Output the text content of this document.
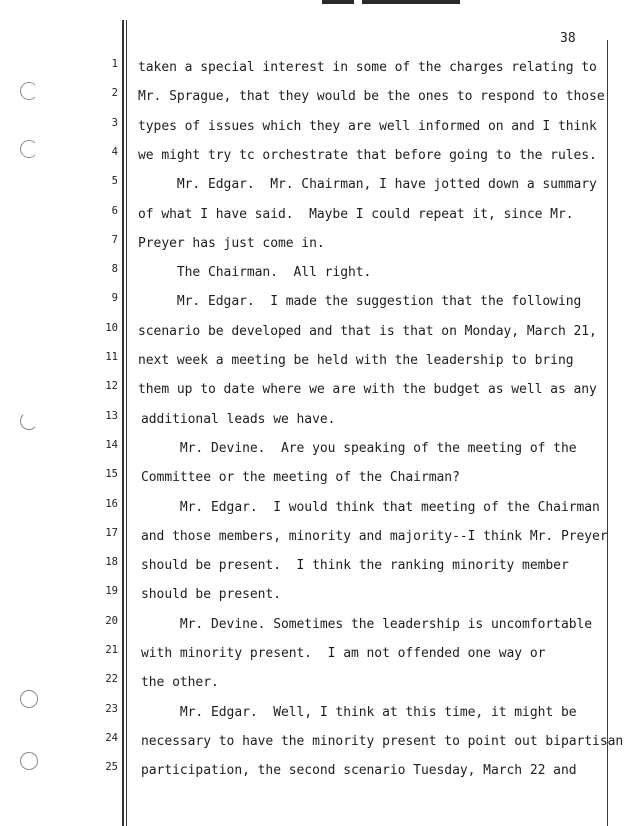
38
1
2
3
4
5
6
7
8
9
10
11
12
13
14
15
16
17
18
19
20
21
22
23
24
25
taken a special interest in some of the charges relating to
Mr. Sprague, that they would be the ones to respond to those
types of issues which they are well informed on and I think
we might try tc orchestrate that before going to the rules.
Mr. Edgar.  Mr. Chairman, I have jotted down a summary
of what I have said.  Maybe I could repeat it, since Mr.
Preyer has just come in.
The Chairman.  All right.
Mr. Edgar.  I made the suggestion that the following
scenario be developed and that is that on Monday, March 21,
next week a meeting be held with the leadership to bring
them up to date where we are with the budget as well as any
additional leads we have.
Mr. Devine.  Are you speaking of the meeting of the
Committee or the meeting of the Chairman?
Mr. Edgar.  I would think that meeting of the Chairman
and those members, minority and majority--I think Mr. Preyer
should be present.  I think the ranking minority member
should be present.
Mr. Devine. Sometimes the leadership is uncomfortable
with minority present.  I am not offended one way or
the other.
Mr. Edgar.  Well, I think at this time, it might be
necessary to have the minority present to point out bipartisan
participation, the second scenario Tuesday, March 22 and
